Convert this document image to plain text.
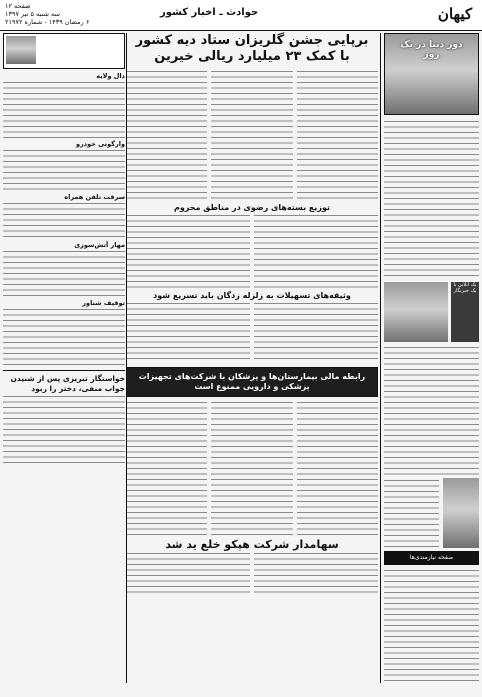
کیهان
حوادث ـ اخبار کشور
صفحه ۱۲
سه شنبه ۵ تیر ۱۳۹۷
۶ رمضان ۱۴۳۹ - شماره ۲۱۹۷۲
دور دنیا در یک روز
یک آنلاین با یک خبرنگار
صفحه نیازمندی‌ها
برپایی جشن گلریزان ستاد دیه کشور
با کمک ۲۳ میلیارد ریالی خیرین
توزیع بسته‌های رضوی در مناطق محروم
وثیقه‌های تسهیلات به زلزله زدگان باید تسریع شود
رابطه مالی بیمارستان‌ها و پزشکان با شرکت‌های تجهیزات پزشکی و دارویی ممنوع است
سهامدار شرکت هپکو خلع ید شد
دال ولایه
وارگونی خودرو
سرقت تلفن همراه
مهار آتش‌سوزی
توقیف شناور
خواستگار تبریزی پس از شنیدن جواب منفی، دختر را ربود
